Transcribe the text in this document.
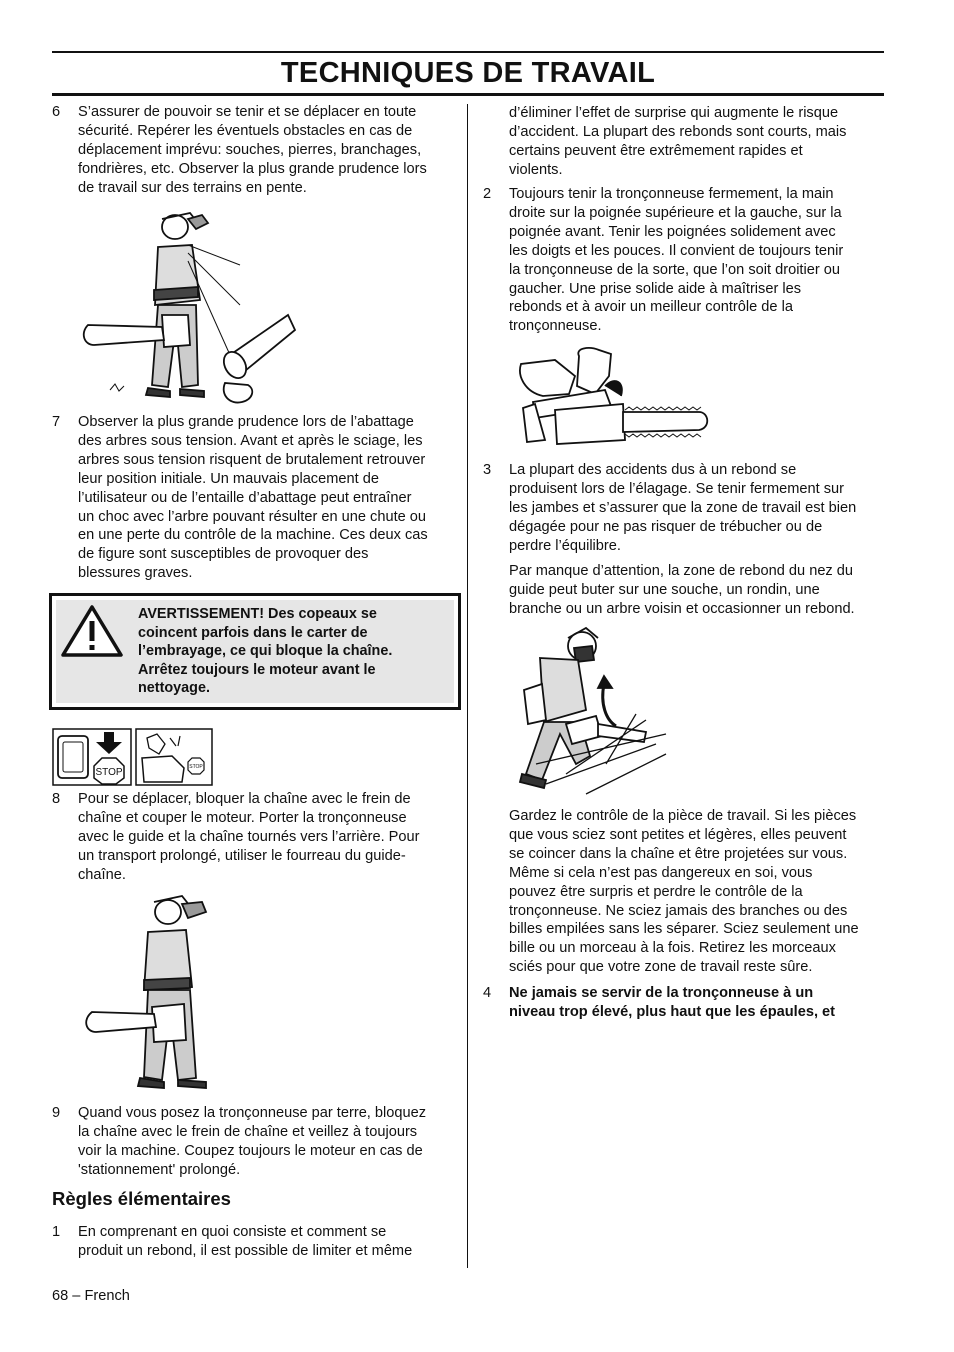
TECHNIQUES DE TRAVAIL
6 S’assurer de pouvoir se tenir et se déplacer en toute
sécurité. Repérer les éventuels obstacles en cas de
déplacement imprévu: souches, pierres, branchages,
fondrières, etc. Observer la plus grande prudence lors
de travail sur des terrains en pente.
7 Observer la plus grande prudence lors de l’abattage
des arbres sous tension. Avant et après le sciage, les
arbres sous tension risquent de brutalement retrouver
leur position initiale. Un mauvais placement de
l’utilisateur ou de l’entaille d’abattage peut entraîner
un choc avec l’arbre pouvant résulter en une chute ou
en une perte du contrôle de la machine. Ces deux cas
de figure sont susceptibles de provoquer des
blessures graves.
AVERTISSEMENT! Des copeaux se
coincent parfois dans le carter de
l’embrayage, ce qui bloque la chaîne.
Arrêtez toujours le moteur avant le
nettoyage.
STOP	STOP
8 Pour se déplacer, bloquer la chaîne avec le frein de
chaîne et couper le moteur. Porter la tronçonneuse
avec le guide et la chaîne tournés vers l’arrière. Pour
un transport prolongé, utiliser le fourreau du guide-
chaîne.
9 Quand vous posez la tronçonneuse par terre, bloquez
la chaîne avec le frein de chaîne et veillez à toujours
voir la machine. Coupez toujours le moteur en cas de
'stationnement' prolongé.
Règles élémentaires
1 En comprenant en quoi consiste et comment se
produit un rebond, il est possible de limiter et même
68 – French
d’éliminer l’effet de surprise qui augmente le risque
d’accident. La plupart des rebonds sont courts, mais
certains peuvent être extrêmement rapides et
violents.
2 Toujours tenir la tronçonneuse fermement, la main
droite sur la poignée supérieure et la gauche, sur la
poignée avant. Tenir les poignées solidement avec
les doigts et les pouces. Il convient de toujours tenir
la tronçonneuse de la sorte, que l’on soit droitier ou
gaucher. Une prise solide aide à maîtriser les
rebonds et à avoir un meilleur contrôle de la
tronçonneuse.
3 La plupart des accidents dus à un rebond se
produisent lors de l’élagage. Se tenir fermement sur
les jambes et s’assurer que la zone de travail est bien
dégagée pour ne pas risquer de trébucher ou de
perdre l’équilibre.
Par manque d’attention, la zone de rebond du nez du
guide peut buter sur une souche, un rondin, une
branche ou un arbre voisin et occasionner un rebond.
Gardez le contrôle de la pièce de travail. Si les pièces
que vous sciez sont petites et légères, elles peuvent
se coincer dans la chaîne et être projetées sur vous.
Même si cela n’est pas dangereux en soi, vous
pouvez être surpris et perdre le contrôle de la
tronçonneuse. Ne sciez jamais des branches ou des
billes empilées sans les séparer. Sciez seulement une
bille ou un morceau à la fois. Retirez les morceaux
sciés pour que votre zone de travail reste sûre.
4 Ne jamais se servir de la tronçonneuse à un
niveau trop élevé, plus haut que les épaules, et
